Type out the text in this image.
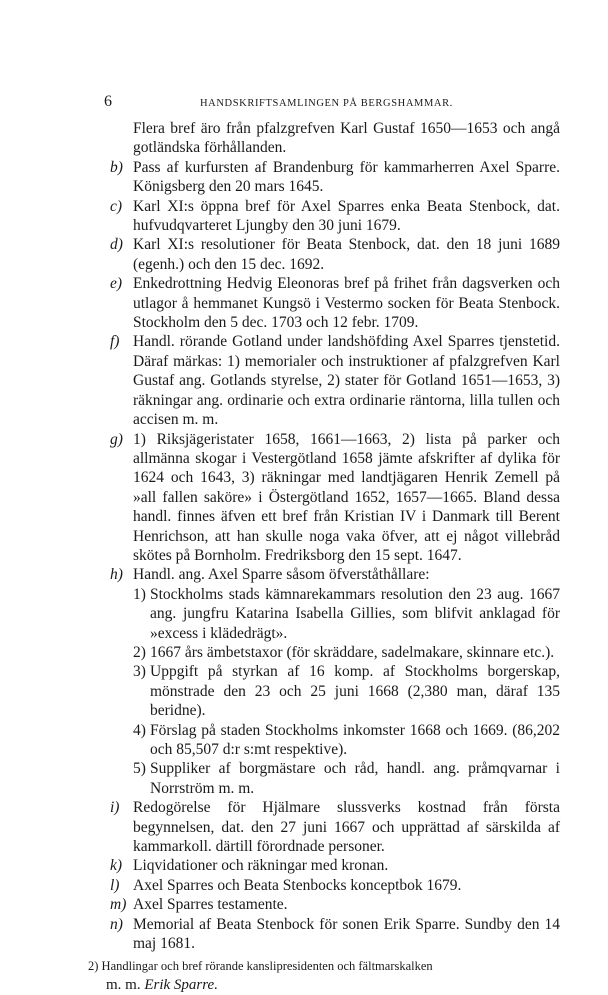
6	HANDSKRIFTSAMLINGEN PÅ BERGSHAMMAR.
Flera bref äro från pfalzgrefven Karl Gustaf 1650—1653 och angå gotländska förhållanden.
b) Pass af kurfursten af Brandenburg för kammarherren Axel Sparre. Königsberg den 20 mars 1645.
c) Karl XI:s öppna bref för Axel Sparres enka Beata Stenbock, dat. hufvudqvarteret Ljungby den 30 juni 1679.
d) Karl XI:s resolutioner för Beata Stenbock, dat. den 18 juni 1689 (egenh.) och den 15 dec. 1692.
e) Enkedrottning Hedvig Eleonoras bref på frihet från dagsverken och utlagor å hemmanet Kungsö i Vestermo socken för Beata Stenbock. Stockholm den 5 dec. 1703 och 12 febr. 1709.
f) Handl. rörande Gotland under landshöfding Axel Sparres tjenstetid. Däraf märkas: 1) memorialer och instruktioner af pfalzgrefven Karl Gustaf ang. Gotlands styrelse, 2) stater för Gotland 1651—1653, 3) räkningar ang. ordinarie och extra ordinarie räntorna, lilla tullen och accisen m. m.
g) 1) Riksjägeristater 1658, 1661—1663, 2) lista på parker och allmänna skogar i Vestergötland 1658 jämte afskrifter af dylika för 1624 och 1643, 3) räkningar med landtjägaren Henrik Zemell på »all fallen saköre» i Östergötland 1652, 1657—1665. Bland dessa handl. finnes äfven ett bref från Kristian IV i Danmark till Berent Henrichson, att han skulle noga vaka öfver, att ej något villebråd skötes på Bornholm. Fredriksborg den 15 sept. 1647.
h) Handl. ang. Axel Sparre såsom öfverståthållare:
1) Stockholms stads kämnarekammars resolution den 23 aug. 1667 ang. jungfru Katarina Isabella Gillies, som blifvit anklagad för »excess i klädedrägt».
2) 1667 års ämbetstaxor (för skräddare, sadelmakare, skinnare etc.).
3) Uppgift på styrkan af 16 komp. af Stockholms borgerskap, mönstrade den 23 och 25 juni 1668 (2,380 man, däraf 135 beridne).
4) Förslag på staden Stockholms inkomster 1668 och 1669. (86,202 och 85,507 d:r s:mt respektive).
5) Suppliker af borgmästare och råd, handl. ang. pråmqvarnar i Norrström m. m.
i) Redogörelse för Hjälmare slussverks kostnad från första begynnelsen, dat. den 27 juni 1667 och upprättad af särskilda af kammarkoll. därtill förordnade personer.
k) Liqvidationer och räkningar med kronan.
l) Axel Sparres och Beata Stenbocks konceptbok 1679.
m) Axel Sparres testamente.
n) Memorial af Beata Stenbock för sonen Erik Sparre. Sundby den 14 maj 1681.
2) Handlingar och bref rörande kanslipresidenten och fältmarskalken
m. m. Erik Sparre.
